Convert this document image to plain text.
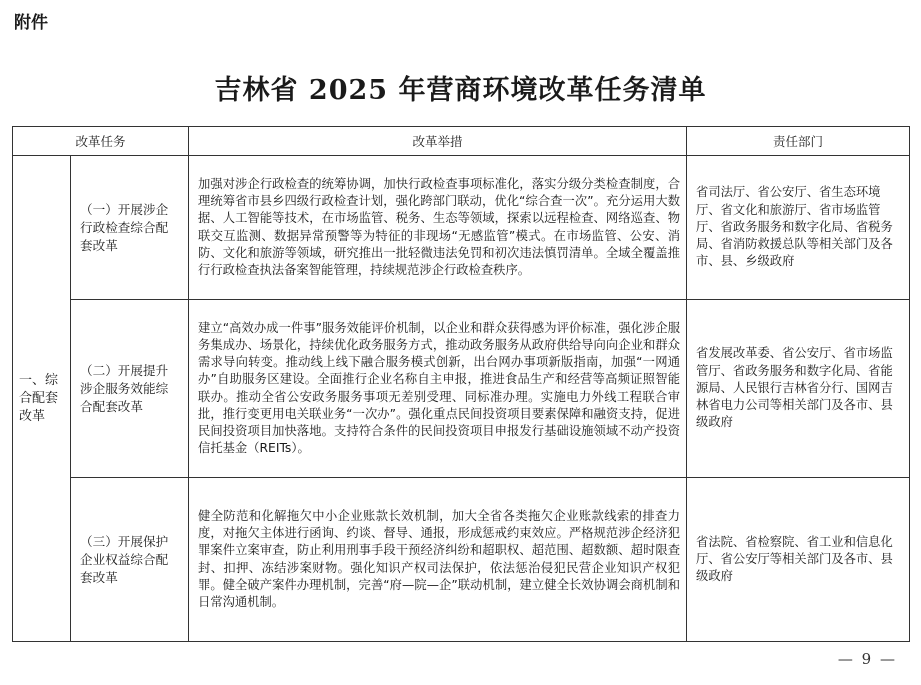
附件
吉林省 2025 年营商环境改革任务清单
改革任务		改革举措	责任部门
一、综合配套改革	（一）开展涉企行政检查综合配套改革	加强对涉企行政检查的统筹协调，加快行政检查事项标准化，落实分级分类检查制度，合理统筹省市县乡四级行政检查计划，强化跨部门联动，优化“综合查一次”。充分运用大数据、人工智能等技术，在市场监管、税务、生态等领域，探索以远程检查、网络巡查、物联交互监测、数据异常预警等为特征的非现场“无感监管”模式。在市场监管、公安、消防、文化和旅游等领域，研究推出一批轻微违法免罚和初次违法慎罚清单。全域全覆盖推行行政检查执法备案智能管理，持续规范涉企行政检查秩序。	省司法厅、省公安厅、省生态环境厅、省文化和旅游厅、省市场监管厅、省政务服务和数字化局、省税务局、省消防救援总队等相关部门及各市、县、乡级政府
	（二）开展提升涉企服务效能综合配套改革	建立“高效办成一件事”服务效能评价机制，以企业和群众获得感为评价标准，强化涉企服务集成办、场景化，持续优化政务服务方式，推动政务服务从政府供给导向向企业和群众需求导向转变。推动线上线下融合服务模式创新，出台网办事项新版指南，加强“一网通办”自助服务区建设。全面推行企业名称自主申报，推进食品生产和经营等高频证照智能联办。推动全省公安政务服务事项无差别受理、同标准办理。实施电力外线工程联合审批，推行变更用电关联业务“一次办”。强化重点民间投资项目要素保障和融资支持，促进民间投资项目加快落地。支持符合条件的民间投资项目申报发行基础设施领域不动产投资信托基金（REITs）。	省发展改革委、省公安厅、省市场监管厅、省政务服务和数字化局、省能源局、人民银行吉林省分行、国网吉林省电力公司等相关部门及各市、县级政府
	（三）开展保护企业权益综合配套改革	健全防范和化解拖欠中小企业账款长效机制，加大全省各类拖欠企业账款线索的排查力度，对拖欠主体进行函询、约谈、督导、通报，形成惩戒约束效应。严格规范涉企经济犯罪案件立案审查，防止利用刑事手段干预经济纠纷和超职权、超范围、超数额、超时限查封、扣押、冻结涉案财物。强化知识产权司法保护，依法惩治侵犯民营企业知识产权犯罪。健全破产案件办理机制，完善“府—院—企”联动机制，建立健全长效协调会商机制和日常沟通机制。	省法院、省检察院、省工业和信息化厅、省公安厅等相关部门及各市、县级政府
— 9 —
